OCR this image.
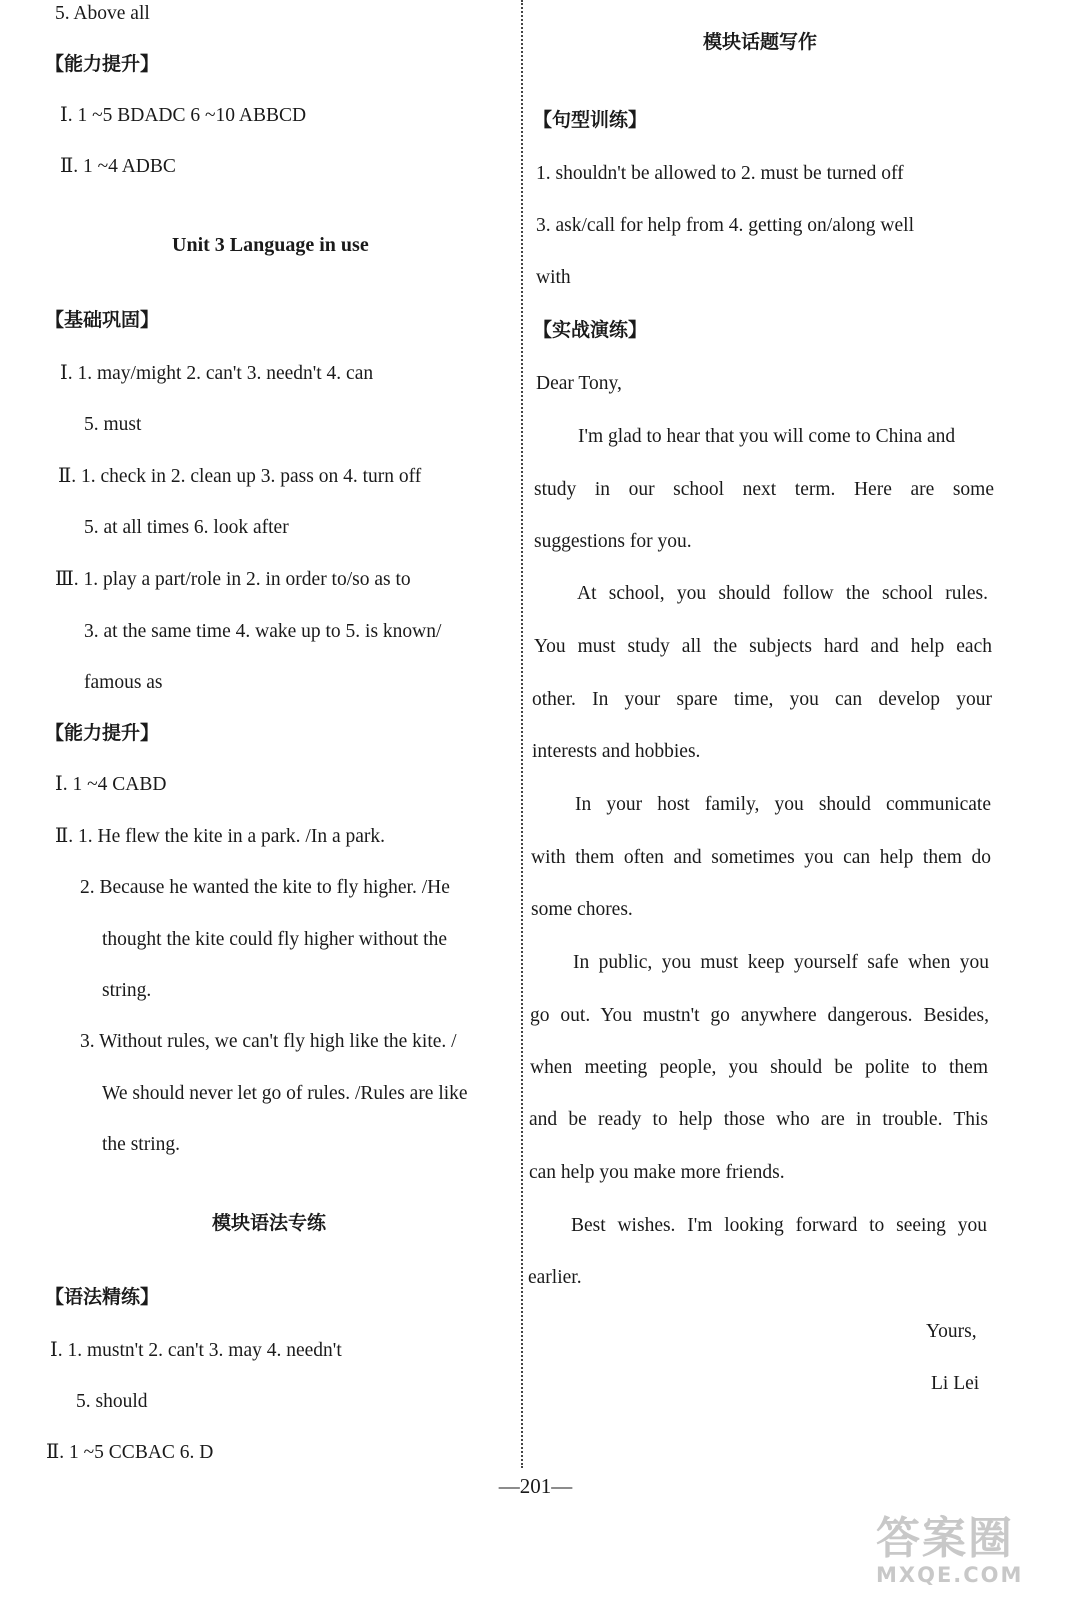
5. Above all
【能力提升】
Ⅰ. 1 ~5 BDADC 6 ~10 ABBCD
Ⅱ. 1 ~4 ADBC
Unit 3 Language in use
【基础巩固】
Ⅰ. 1. may/might 2. can't 3. needn't 4. can
5. must
Ⅱ. 1. check in 2. clean up 3. pass on 4. turn off
5. at all times 6. look after
Ⅲ. 1. play a part/role in 2. in order to/so as to
3. at the same time 4. wake up to 5. is known/
famous as
【能力提升】
Ⅰ. 1 ~4 CABD
Ⅱ. 1. He flew the kite in a park. /In a park.
2. Because he wanted the kite to fly higher. /He
thought the kite could fly higher without the
string.
3. Without rules, we can't fly high like the kite. /
We should never let go of rules. /Rules are like
the string.
模块语法专练
【语法精练】
Ⅰ. 1. mustn't 2. can't 3. may 4. needn't
5. should
Ⅱ. 1 ~5 CCBAC 6. D
模块话题写作
【句型训练】
1. shouldn't be allowed to 2. must be turned off
3. ask/call for help from 4. getting on/along well
with
【实战演练】
Dear Tony,
I'm glad to hear that you will come to China and
study in our school next term. Here are some
suggestions for you.
At school, you should follow the school rules.
You must study all the subjects hard and help each
other. In your spare time, you can develop your
interests and hobbies.
In your host family, you should communicate
with them often and sometimes you can help them do
some chores.
In public, you must keep yourself safe when you
go out. You mustn't go anywhere dangerous. Besides,
when meeting people, you should be polite to them
and be ready to help those who are in trouble. This
can help you make more friends.
Best wishes. I'm looking forward to seeing you
earlier.
Yours,
Li Lei
—201—
答案圈
MXQE.COM
